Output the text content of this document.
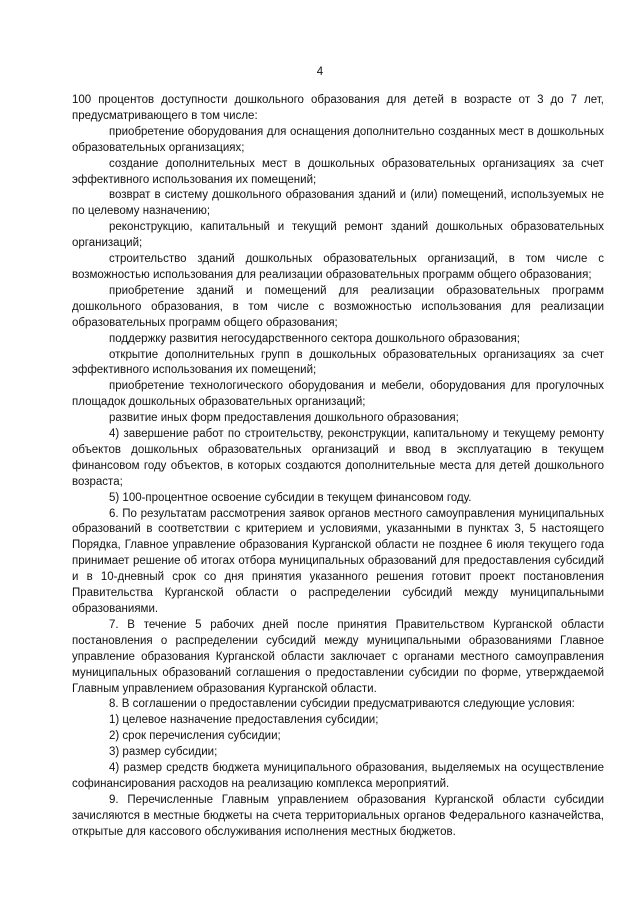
4

100 процентов доступности дошкольного образования для детей в возрасте от 3 до 7 лет, предусматривающего в том числе:

приобретение оборудования для оснащения дополнительно созданных мест в дошкольных образовательных организациях;

создание дополнительных мест в дошкольных образовательных организациях за счет эффективного использования их помещений;

возврат в систему дошкольного образования зданий и (или) помещений, используемых не по целевому назначению;

реконструкцию, капитальный и текущий ремонт зданий дошкольных образовательных организаций;

строительство зданий дошкольных образовательных организаций, в том числе с возможностью использования для реализации образовательных программ общего образования;

приобретение зданий и помещений для реализации образовательных программ дошкольного образования, в том числе с возможностью использования для реализации образовательных программ общего образования;

поддержку развития негосударственного сектора дошкольного образования;

открытие дополнительных групп в дошкольных образовательных организациях за счет эффективного использования их помещений;

приобретение технологического оборудования и мебели, оборудования для прогулочных площадок дошкольных образовательных организаций;

развитие иных форм предоставления дошкольного образования;

4) завершение работ по строительству, реконструкции, капитальному и текущему ремонту объектов дошкольных образовательных организаций и ввод в эксплуатацию в текущем финансовом году объектов, в которых создаются дополнительные места для детей дошкольного возраста;

5) 100-процентное освоение субсидии в текущем финансовом году.

6. По результатам рассмотрения заявок органов местного самоуправления муниципальных образований в соответствии с критерием и условиями, указанными в пунктах 3, 5 настоящего Порядка, Главное управление образования Курганской области не позднее 6 июля текущего года принимает решение об итогах отбора муниципальных образований для предоставления субсидий и в 10-дневный срок со дня принятия указанного решения готовит проект постановления Правительства Курганской области о распределении субсидий между муниципальными образованиями.

7. В течение 5 рабочих дней после принятия Правительством Курганской области постановления о распределении субсидий между муниципальными образованиями Главное управление образования Курганской области заключает с органами местного самоуправления муниципальных образований соглашения о предоставлении субсидии по форме, утверждаемой Главным управлением образования Курганской области.

8. В соглашении о предоставлении субсидии предусматриваются следующие условия:

1) целевое назначение предоставления субсидии;

2) срок перечисления субсидии;

3) размер субсидии;

4) размер средств бюджета муниципального образования, выделяемых на осуществление софинансирования расходов на реализацию комплекса мероприятий.

9. Перечисленные Главным управлением образования Курганской области субсидии зачисляются в местные бюджеты на счета территориальных органов Федерального казначейства, открытые для кассового обслуживания исполнения местных бюджетов.
